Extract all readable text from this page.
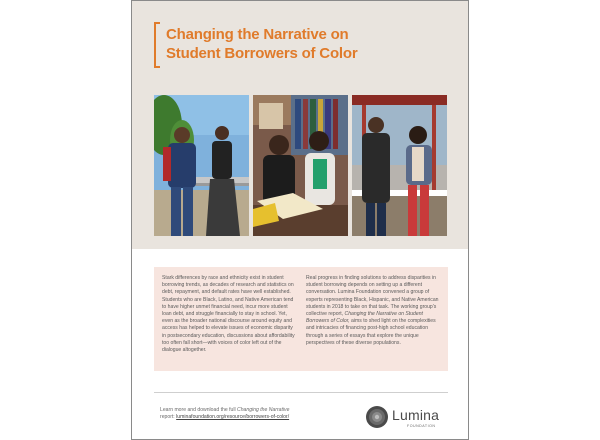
Changing the Narrative on
Student Borrowers of Color
Stark differences by race and ethnicity exist in student borrowing trends, as decades of research and statistics on debt, repayment, and default rates have well established. Students who are Black, Latino, and Native American tend to have higher unmet financial need, incur more student loan debt, and struggle financially to stay in school. Yet, even as the broader national discourse around equity and access has helped to elevate issues of economic disparity in postsecondary education, discussions about affordability too often fall short—with voices of color left out of the dialogue altogether.
Real progress in finding solutions to address disparities in student borrowing depends on setting up a different conversation. Lumina Foundation convened a group of experts representing Black, Hispanic, and Native American students in 2018 to take on that task. The working group's collective report, Changing the Narrative on Student Borrowers of Color, aims to shed light on the complexities and intricacies of financing post-high school education through a series of essays that explore the unique perspectives of these diverse populations.
Learn more and download the full Changing the Narrative
report: luminafoundation.org/resource/borrowers-of-color/	Lumina
FOUNDATION
